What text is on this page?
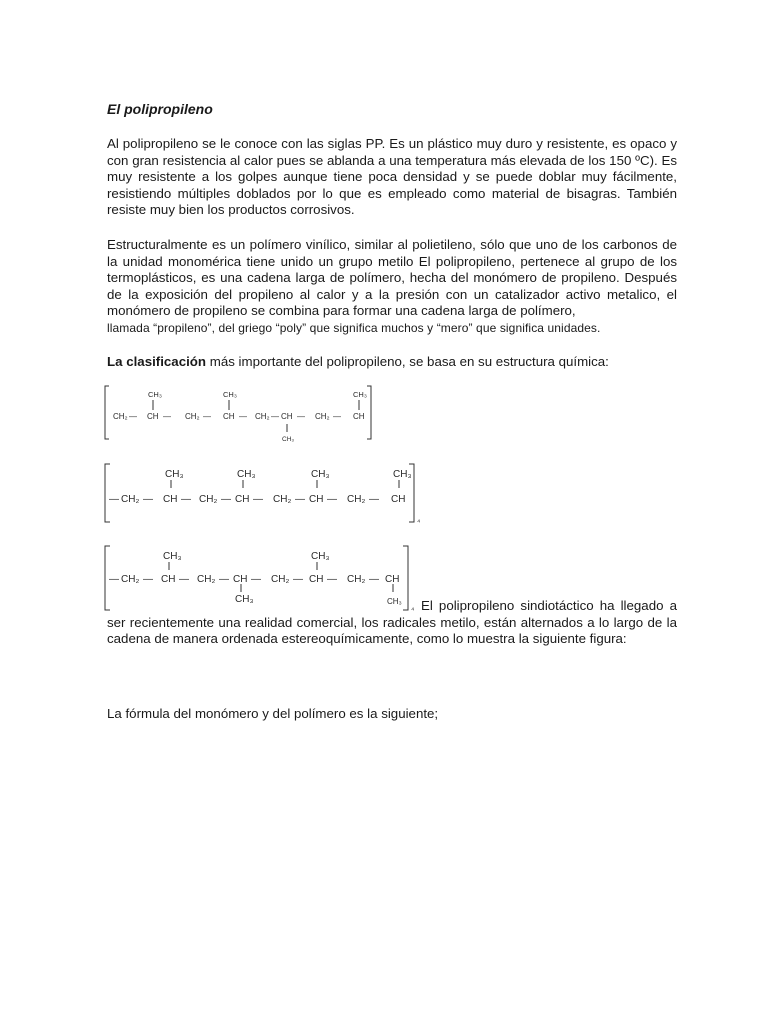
El polipropileno

Al polipropileno se le conoce con las siglas PP. Es un plástico muy duro y resistente, es opaco y con gran resistencia al calor pues se ablanda a una temperatura más elevada de los 150 ºC). Es muy resistente a los golpes aunque tiene poca densidad y se puede doblar muy fácilmente, resistiendo múltiples doblados por lo que es empleado como material de bisagras. También resiste muy bien los productos corrosivos.

Estructuralmente es un polímero vinílico, similar al polietileno, sólo que uno de los carbonos de la unidad monomérica tiene unido un grupo metilo El polipropileno, pertenece al grupo de los termoplásticos, es una cadena larga de polímero, hecha del monómero de propileno. Después de la exposición del propileno al calor y a la presión con un catalizador activo metalico, el monómero de propileno se combina para formar una cadena larga de polímero,

llamada “propileno”, del griego “poly” que significa muchos y “mero” que significa unidades.

La clasificación más importante del polipropileno, se basa en su estructura química:

CH₃	CH₃	CH₃
CH₂ — CH — CH₂ — CH — CH₂ — CH — CH₂ — CH
CH₃

CH₃	CH₃	CH₃	CH₃
— CH₂ — CH — CH₂ — CH — CH₂ — CH — CH₂ — CH
₄

CH₃	CH₃
— CH₂ — CH — CH₂ — CH — CH₂ — CH — CH₂ — CH
CH₃	CH₃
₄ El polipropileno sindiotáctico ha llegado a ser recientemente una realidad comercial, los radicales metilo, están alternados a lo largo de la cadena de manera ordenada estereoquímicamente, como lo muestra la siguiente figura:

La fórmula del monómero y del polímero es la siguiente;
